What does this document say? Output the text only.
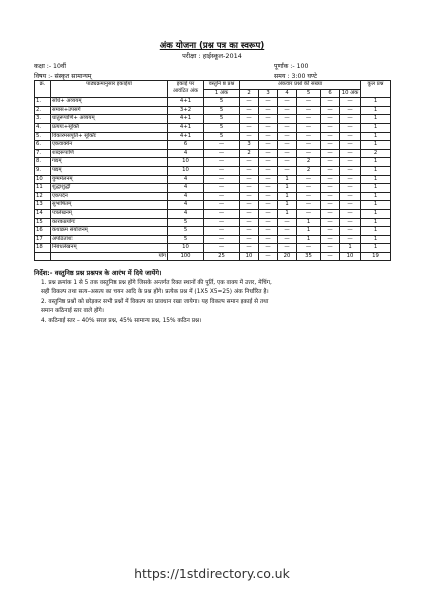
अंक योजना (प्रश्न पत्र का स्वरूप)
परीक्षा : हाईस्कूल-2014
कक्षा :- 10वीं	पूर्णांक :- 100
विषय :- संस्कृत सामान्यम्	समय : 3:00 घण्टे
क्र.	पाठ्यक्रमानुसार इकाईयां	इकाई पर आवंटित अंक	वस्तुनि ष्ठ प्रश्न	अंकवार प्रश्नों की संख्या						कुल प्रश्न
			1 अंक	2	3	4	5	6	10 अंक	
1.	संधि+ अव्ययम्	4+1	5	—	—	—	—	—	—	1
2.	समास+उपसर्ग	3+2	5	—	—	—	—	—	—	1
3.	धातुरूपाणि+ अव्ययम्	4+1	5	—	—	—	—	—	—	1
4.	प्रत्ययः+सूक्ति	4+1	5	—	—	—	—	—	—	1
5.	विकारमसपूर्ति+ सूक्तिः	4+1	5	—	—	—	—	—	—	1
6.	एकवाक्येन	6	—	3	—	—	—	—	—	1
7.	शब्दरूपाणि	4	—	2	—	—	—	—	—	2
8.	गद्यम्	10	—	—	—	—	2	—	—	1
9.	पद्यम्	10	—	—	—	—	2	—	—	1
10	युग्ममेलनम्	4	—	—	—	1	—	—	—	1
11	शुद्धाशुद्धी	4	—	—	—	1	—	—	—	1
12	एकपदेन	4	—	—	—	1	—	—	—	1
13	सुभाषितम्	4	—	—	—	1	—	—	—	1
14	पत्रलेखनम्	4	—	—	—	1	—	—	—	1
15	कारकप्रयोगः	5	—	—	—	—	1	—	—	1
16	कथाक्रम संयोजनम्	5	—	—	—	—	1	—	—	1
17	अपठितांशः	5	—	—	—	—	1	—	—	1
18	निबंधलेखनम्	10	—	—	—	—	—	—	1	1
	योग	100	25	10	—	20	35	—	10	19
निर्देश:- वस्तुनिष्ठ प्रश्न प्रश्नपत्र के आरंभ में दिये जायेंगे।
1. प्रश्न क्रमांक 1 से 5 तक वस्तुनिष्ठ प्रश्न होंगे जिसके अन्तर्गत रिक्त स्थानों की पूर्ति, एक वाक्य में उत्तर, मेचिंग,
सही विकल्प तथा सत्य–असत्य का चयन आदि के प्रश्न होंगे। प्रत्येक प्रश्न में (1X5 X5=25) अंक निर्धारित है।
2. वस्तुनिष्ठ प्रश्नों को छोड़कर सभी प्रश्नों में विकल्प का प्रावधान रखा जायेगा। यह विकल्प समान इकाई से तथा
समान कठिनाई स्तर वाले होंगे।
4. कठिनाई स्तर – 40% सरल प्रश्न, 45% सामान्य प्रश्न, 15% कठिन प्रश्न।
https://1stdirectory.co.uk
